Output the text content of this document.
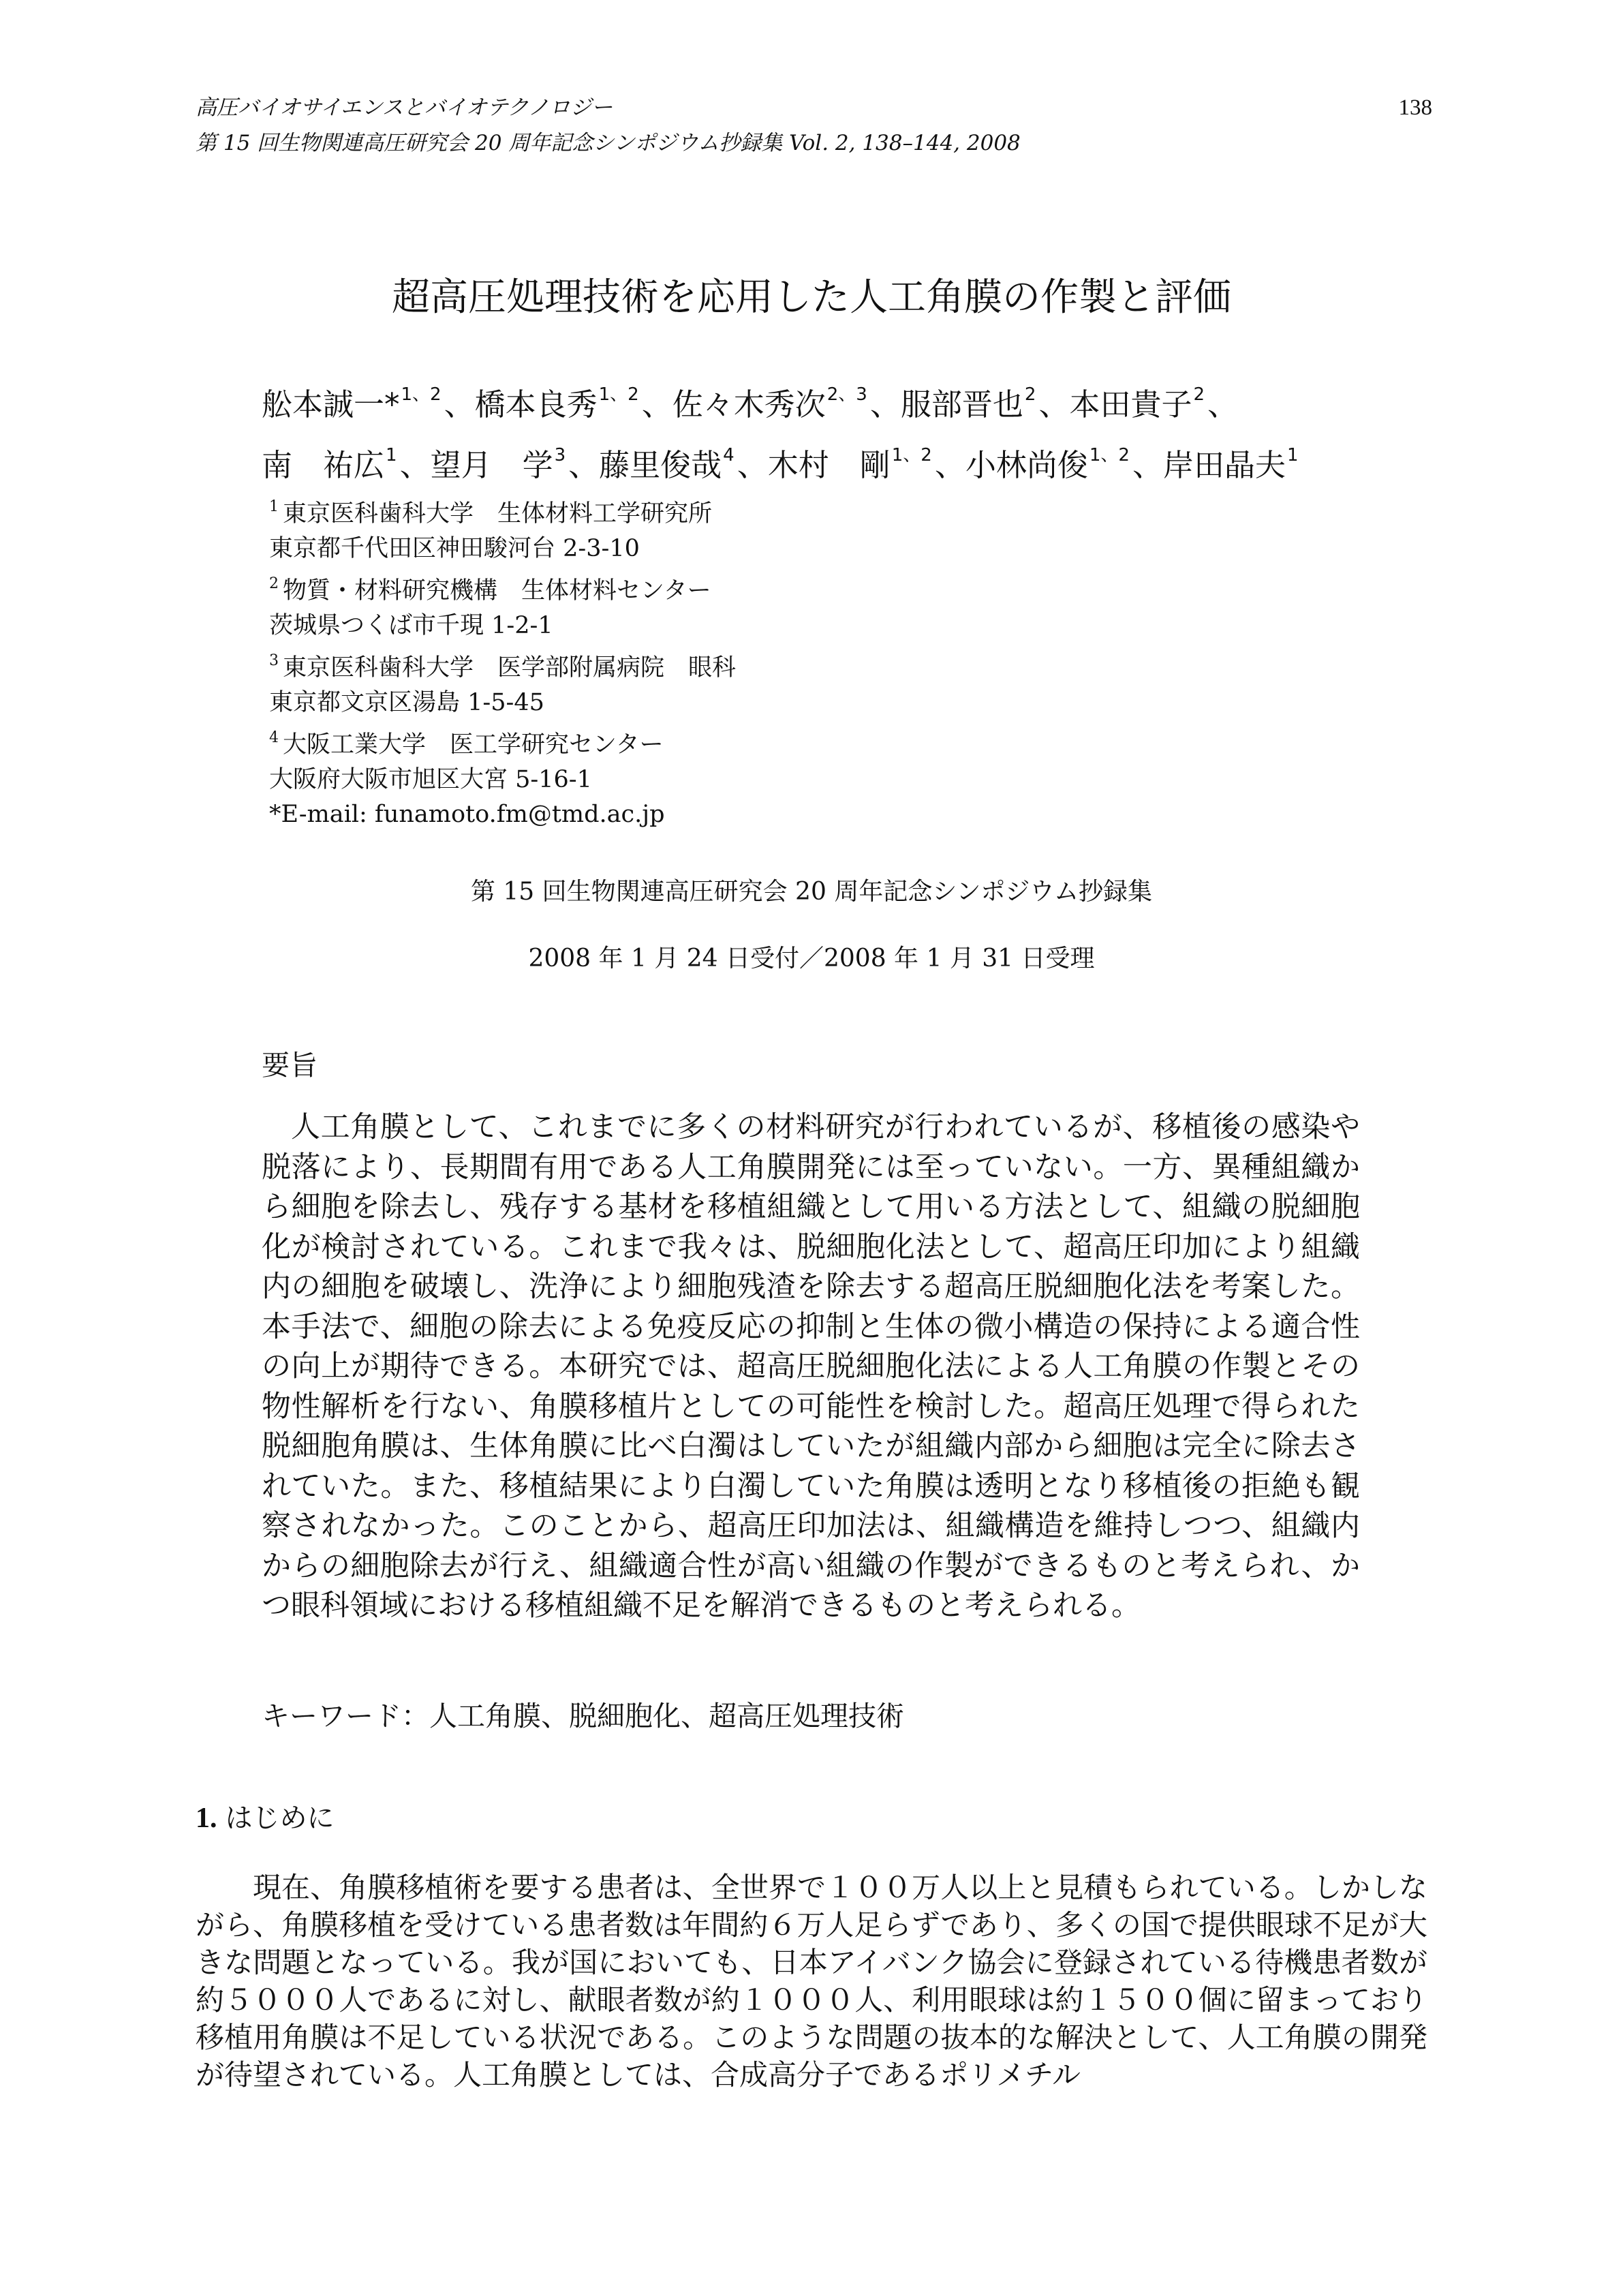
高圧バイオサイエンスとバイオテクノロジー
第 15 回生物関連高圧研究会 20 周年記念シンポジウム抄録集 Vol. 2, 138–144, 2008
138
超高圧処理技術を応用した人工角膜の作製と評価
舩本誠一*$^{1、2}$、橋本良秀$^{1、2}$、佐々木秀次$^{2、3}$、服部晋也$^2$、本田貴子$^2$、
南　祐広$^1$、望月　学$^3$、藤里俊哉$^4$、木村　剛$^{1、2}$、小林尚俊$^{1、2}$、岸田晶夫$^1$
$^1$ 東京医科歯科大学　生体材料工学研究所
東京都千代田区神田駿河台 2-3-10
$^2$ 物質・材料研究機構　生体材料センター
茨城県つくば市千現 1-2-1
$^3$ 東京医科歯科大学　医学部附属病院　眼科
東京都文京区湯島 1-5-45
$^4$ 大阪工業大学　医工学研究センター
大阪府大阪市旭区大宮 5-16-1
*E-mail: funamoto.fm@tmd.ac.jp
第 15 回生物関連高圧研究会 20 周年記念シンポジウム抄録集
2008 年 1 月 24 日受付／2008 年 1 月 31 日受理
要旨

人工角膜として、これまでに多くの材料研究が行われているが、移植後の感染や脱落により、長期間有用である人工角膜開発には至っていない。一方、異種組織から細胞を除去し、残存する基材を移植組織として用いる方法として、組織の脱細胞化が検討されている。これまで我々は、脱細胞化法として、超高圧印加により組織内の細胞を破壊し、洗浄により細胞残渣を除去する超高圧脱細胞化法を考案した。本手法で、細胞の除去による免疫反応の抑制と生体の微小構造の保持による適合性の向上が期待できる。本研究では、超高圧脱細胞化法による人工角膜の作製とその物性解析を行ない、角膜移植片としての可能性を検討した。超高圧処理で得られた脱細胞角膜は、生体角膜に比べ白濁はしていたが組織内部から細胞は完全に除去されていた。また、移植結果により白濁していた角膜は透明となり移植後の拒絶も観察されなかった。このことから、超高圧印加法は、組織構造を維持しつつ、組織内からの細胞除去が行え、組織適合性が高い組織の作製ができるものと考えられ、かつ眼科領域における移植組織不足を解消できるものと考えられる。

キーワード：人工角膜、脱細胞化、超高圧処理技術
1. はじめに

現在、角膜移植術を要する患者は、全世界で１００万人以上と見積もられている。しかしながら、角膜移植を受けている患者数は年間約６万人足らずであり、多くの国で提供眼球不足が大きな問題となっている。我が国においても、日本アイバンク協会に登録されている待機患者数が約５０００人であるに対し、献眼者数が約１０００人、利用眼球は約１５００個に留まっており移植用角膜は不足している状況である。このような問題の抜本的な解決として、人工角膜の開発が待望されている。人工角膜としては、合成高分子であるポリメチル
